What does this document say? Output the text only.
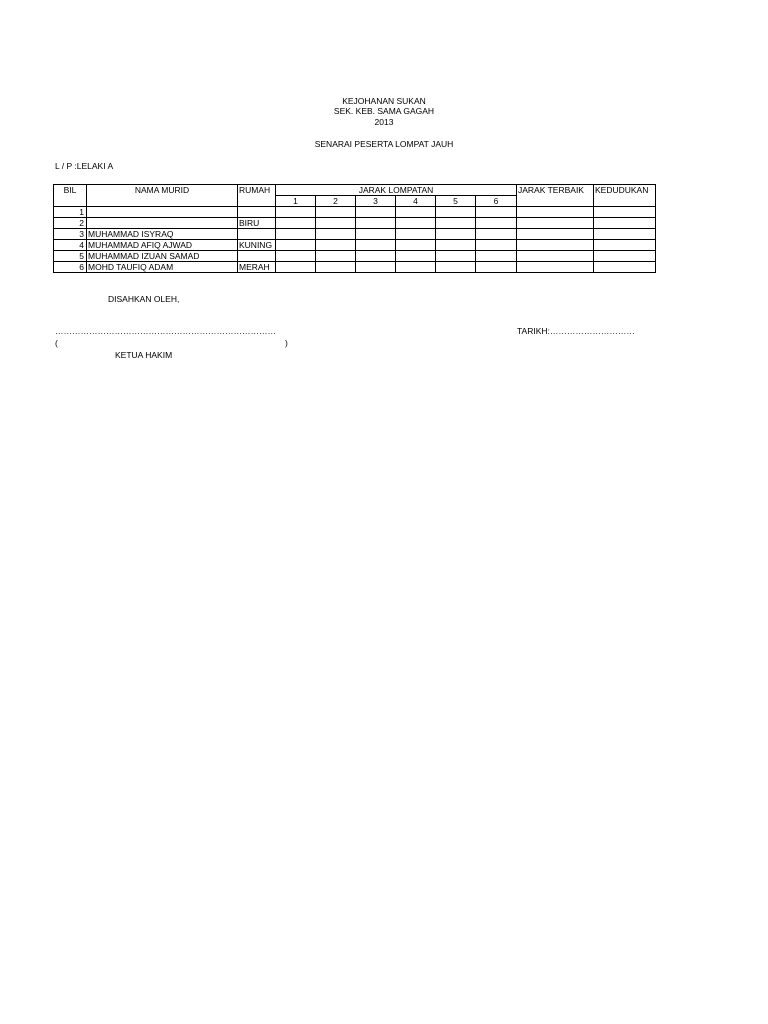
KEJOHANAN SUKAN
SEK. KEB. SAMA GAGAH
2013
SENARAI PESERTA LOMPAT JAUH
L / P :LELAKI A
BIL	NAMA MURID	RUMAH	JARAK LOMPATAN						JARAK TERBAIK	KEDUDUKAN
			1	2	3	4	5	6		
1										
2		BIRU								
3	MUHAMMAD ISYRAQ									
4	MUHAMMAD AFIQ AJWAD	KUNING								
5	MUHAMMAD IZUAN SAMAD									
6	MOHD TAUFIQ ADAM	MERAH								
DISAHKAN OLEH,
……………………………………………………………………
(	)
KETUA HAKIM
TARIKH:…………………………
